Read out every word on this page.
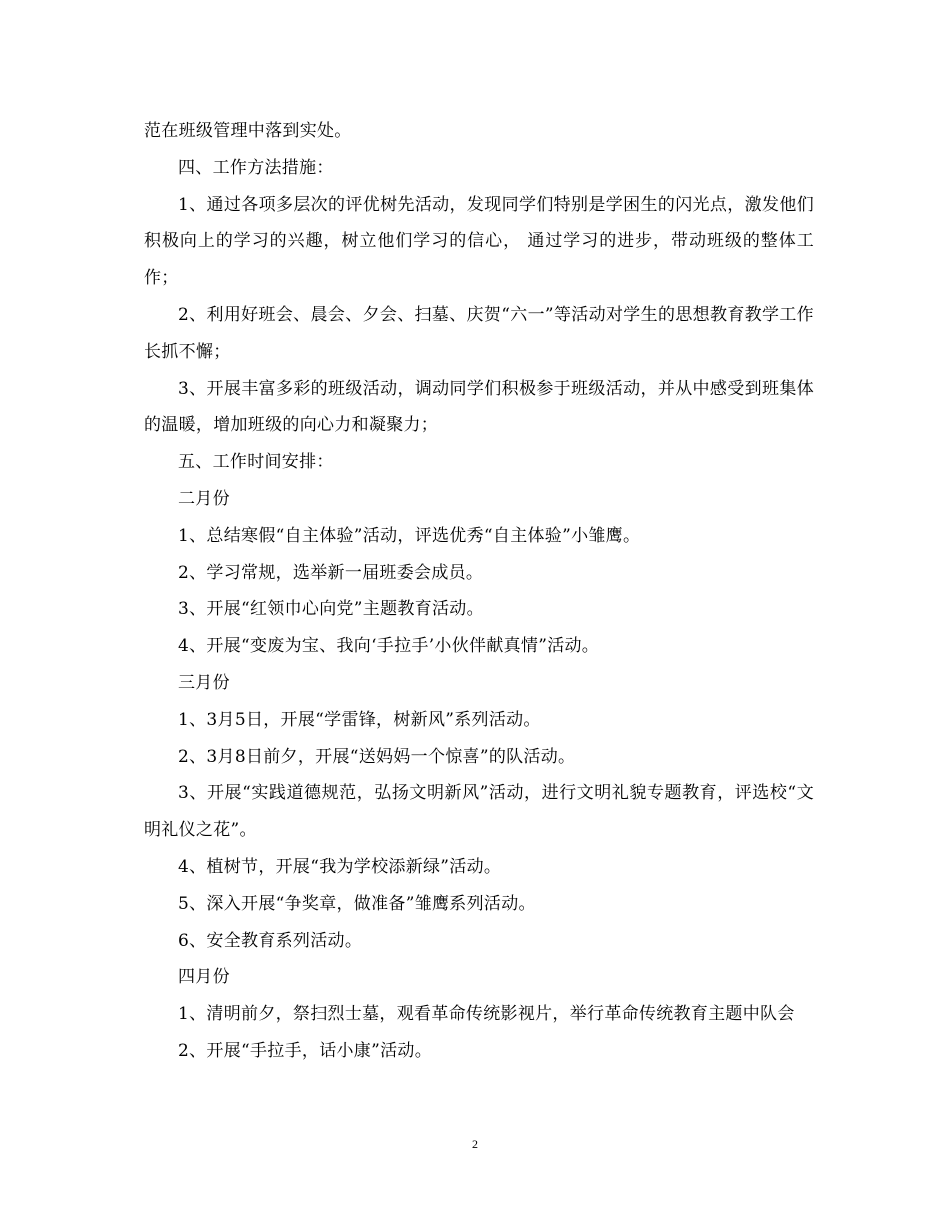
范在班级管理中落到实处。

四、工作方法措施：

1、通过各项多层次的评优树先活动，发现同学们特别是学困生的闪光点，激发他们积极向上的学习的兴趣，树立他们学习的信心， 通过学习的进步，带动班级的整体工作；

2、利用好班会、晨会、夕会、扫墓、庆贺“六一”等活动对学生的思想教育教学工作长抓不懈；

3、开展丰富多彩的班级活动，调动同学们积极参于班级活动，并从中感受到班集体的温暖，增加班级的向心力和凝聚力；

五、工作时间安排：

二月份

1、总结寒假“自主体验”活动，评选优秀“自主体验”小雏鹰。

2、学习常规，选举新一届班委会成员。

3、开展“红领巾心向党”主题教育活动。

4、开展“变废为宝、我向‘手拉手’小伙伴献真情”活动。

三月份

1、3月5日，开展“学雷锋，树新风”系列活动。

2、3月8日前夕，开展“送妈妈一个惊喜”的队活动。

3、开展“实践道德规范，弘扬文明新风”活动，进行文明礼貌专题教育，评选校“文明礼仪之花”。

4、植树节，开展“我为学校添新绿”活动。

5、深入开展“争奖章，做准备”雏鹰系列活动。

6、安全教育系列活动。

四月份

1、清明前夕，祭扫烈士墓，观看革命传统影视片，举行革命传统教育主题中队会

2、开展“手拉手，话小康”活动。

2
